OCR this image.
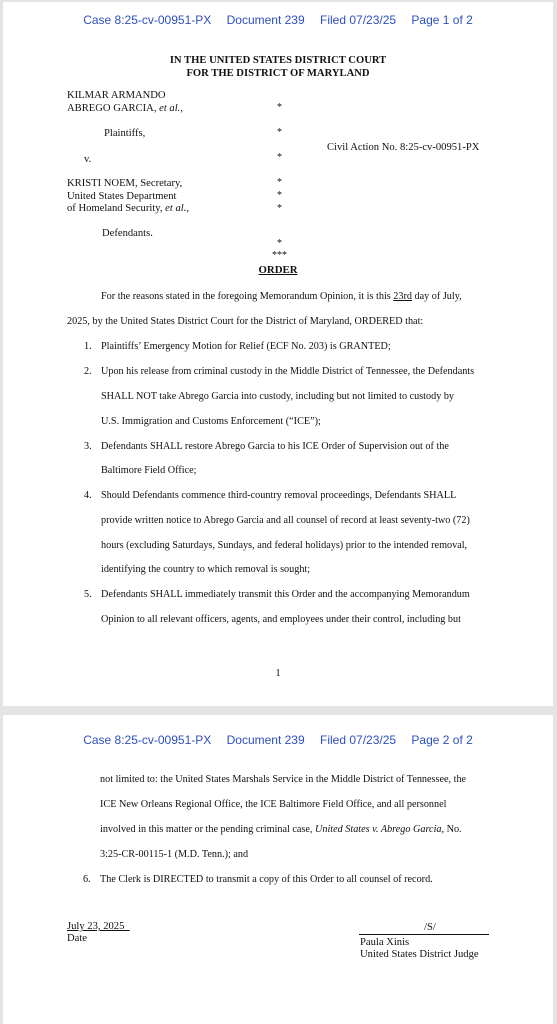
Case 8:25-cv-00951-PX Document 239 Filed 07/23/25 Page 1 of 2
IN THE UNITED STATES DISTRICT COURT
FOR THE DISTRICT OF MARYLAND
KILMAR ARMANDO
ABREGO GARCIA, et al.,
Plaintiffs,
v.
Civil Action No. 8:25-cv-00951-PX
KRISTI NOEM, Secretary,
United States Department
of Homeland Security, et al.,
Defendants.
*
*
*
*
*
*
*
***
ORDER
For the reasons stated in the foregoing Memorandum Opinion, it is this 23rd day of July,
2025, by the United States District Court for the District of Maryland, ORDERED that:
1. Plaintiffs’ Emergency Motion for Relief (ECF No. 203) is GRANTED;
2. Upon his release from criminal custody in the Middle District of Tennessee, the Defendants
SHALL NOT take Abrego Garcia into custody, including but not limited to custody by
U.S. Immigration and Customs Enforcement (“ICE”);
3. Defendants SHALL restore Abrego Garcia to his ICE Order of Supervision out of the
Baltimore Field Office;
4. Should Defendants commence third-country removal proceedings, Defendants SHALL
provide written notice to Abrego Garcia and all counsel of record at least seventy-two (72)
hours (excluding Saturdays, Sundays, and federal holidays) prior to the intended removal,
identifying the country to which removal is sought;
5. Defendants SHALL immediately transmit this Order and the accompanying Memorandum
Opinion to all relevant officers, agents, and employees under their control, including but
1
Case 8:25-cv-00951-PX Document 239 Filed 07/23/25 Page 2 of 2
not limited to: the United States Marshals Service in the Middle District of Tennessee, the
ICE New Orleans Regional Office, the ICE Baltimore Field Office, and all personnel
involved in this matter or the pending criminal case, United States v. Abrego Garcia, No.
3:25-CR-00115-1 (M.D. Tenn.); and
6. The Clerk is DIRECTED to transmit a copy of this Order to all counsel of record.
July 23, 2025
Date
/S/
Paula Xinis
United States District Judge
